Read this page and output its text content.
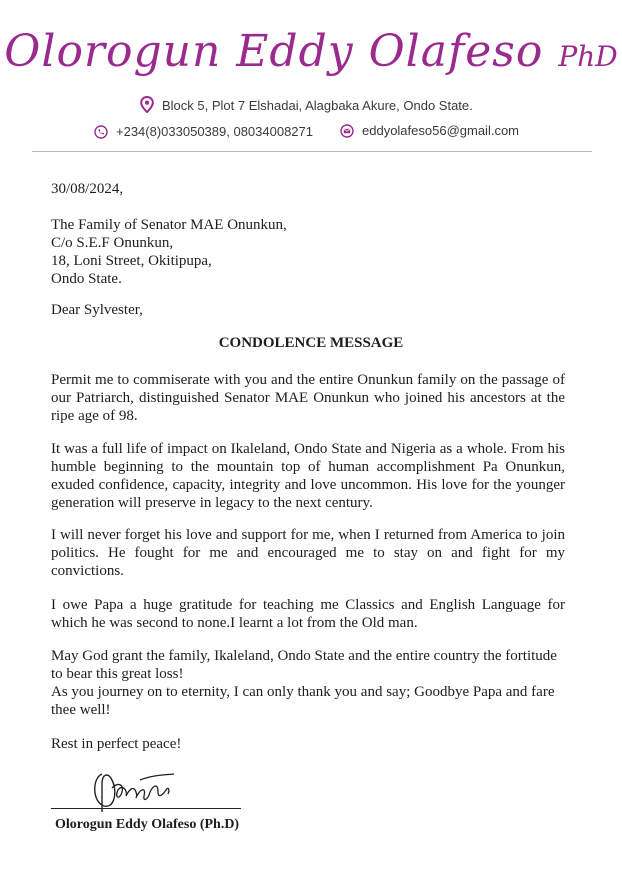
Olorogun Eddy Olafeso PhD
Block 5, Plot 7 Elshadai, Alagbaka Akure, Ondo State.
+234(8)033050389, 08034008271	eddyolafeso56@gmail.com
30/08/2024,
The Family of Senator MAE Onunkun,
C/o S.E.F Onunkun,
18, Loni Street, Okitipupa,
Ondo State.
Dear Sylvester,
CONDOLENCE MESSAGE
Permit me to commiserate with you and the entire Onunkun family on the passage of our Patriarch, distinguished Senator MAE Onunkun who joined his ancestors at the ripe age of 98.
It was a full life of impact on Ikaleland, Ondo State and Nigeria as a whole. From his humble beginning to the mountain top of human accomplishment Pa Onunkun, exuded confidence, capacity, integrity and love uncommon. His love for the younger generation will preserve in legacy to the next century.
I will never forget his love and support for me, when I returned from America to join politics. He fought for me and encouraged me to stay on and fight for my convictions.
I owe Papa a huge gratitude for teaching me Classics and English Language for which he was second to none.I learnt a lot from the Old man.
May God grant the family, Ikaleland, Ondo State and the entire country the fortitude to bear this great loss!
As you journey on to eternity, I can only thank you and say; Goodbye Papa and fare thee well!
Rest in perfect peace!
Olorogun Eddy Olafeso (Ph.D)
